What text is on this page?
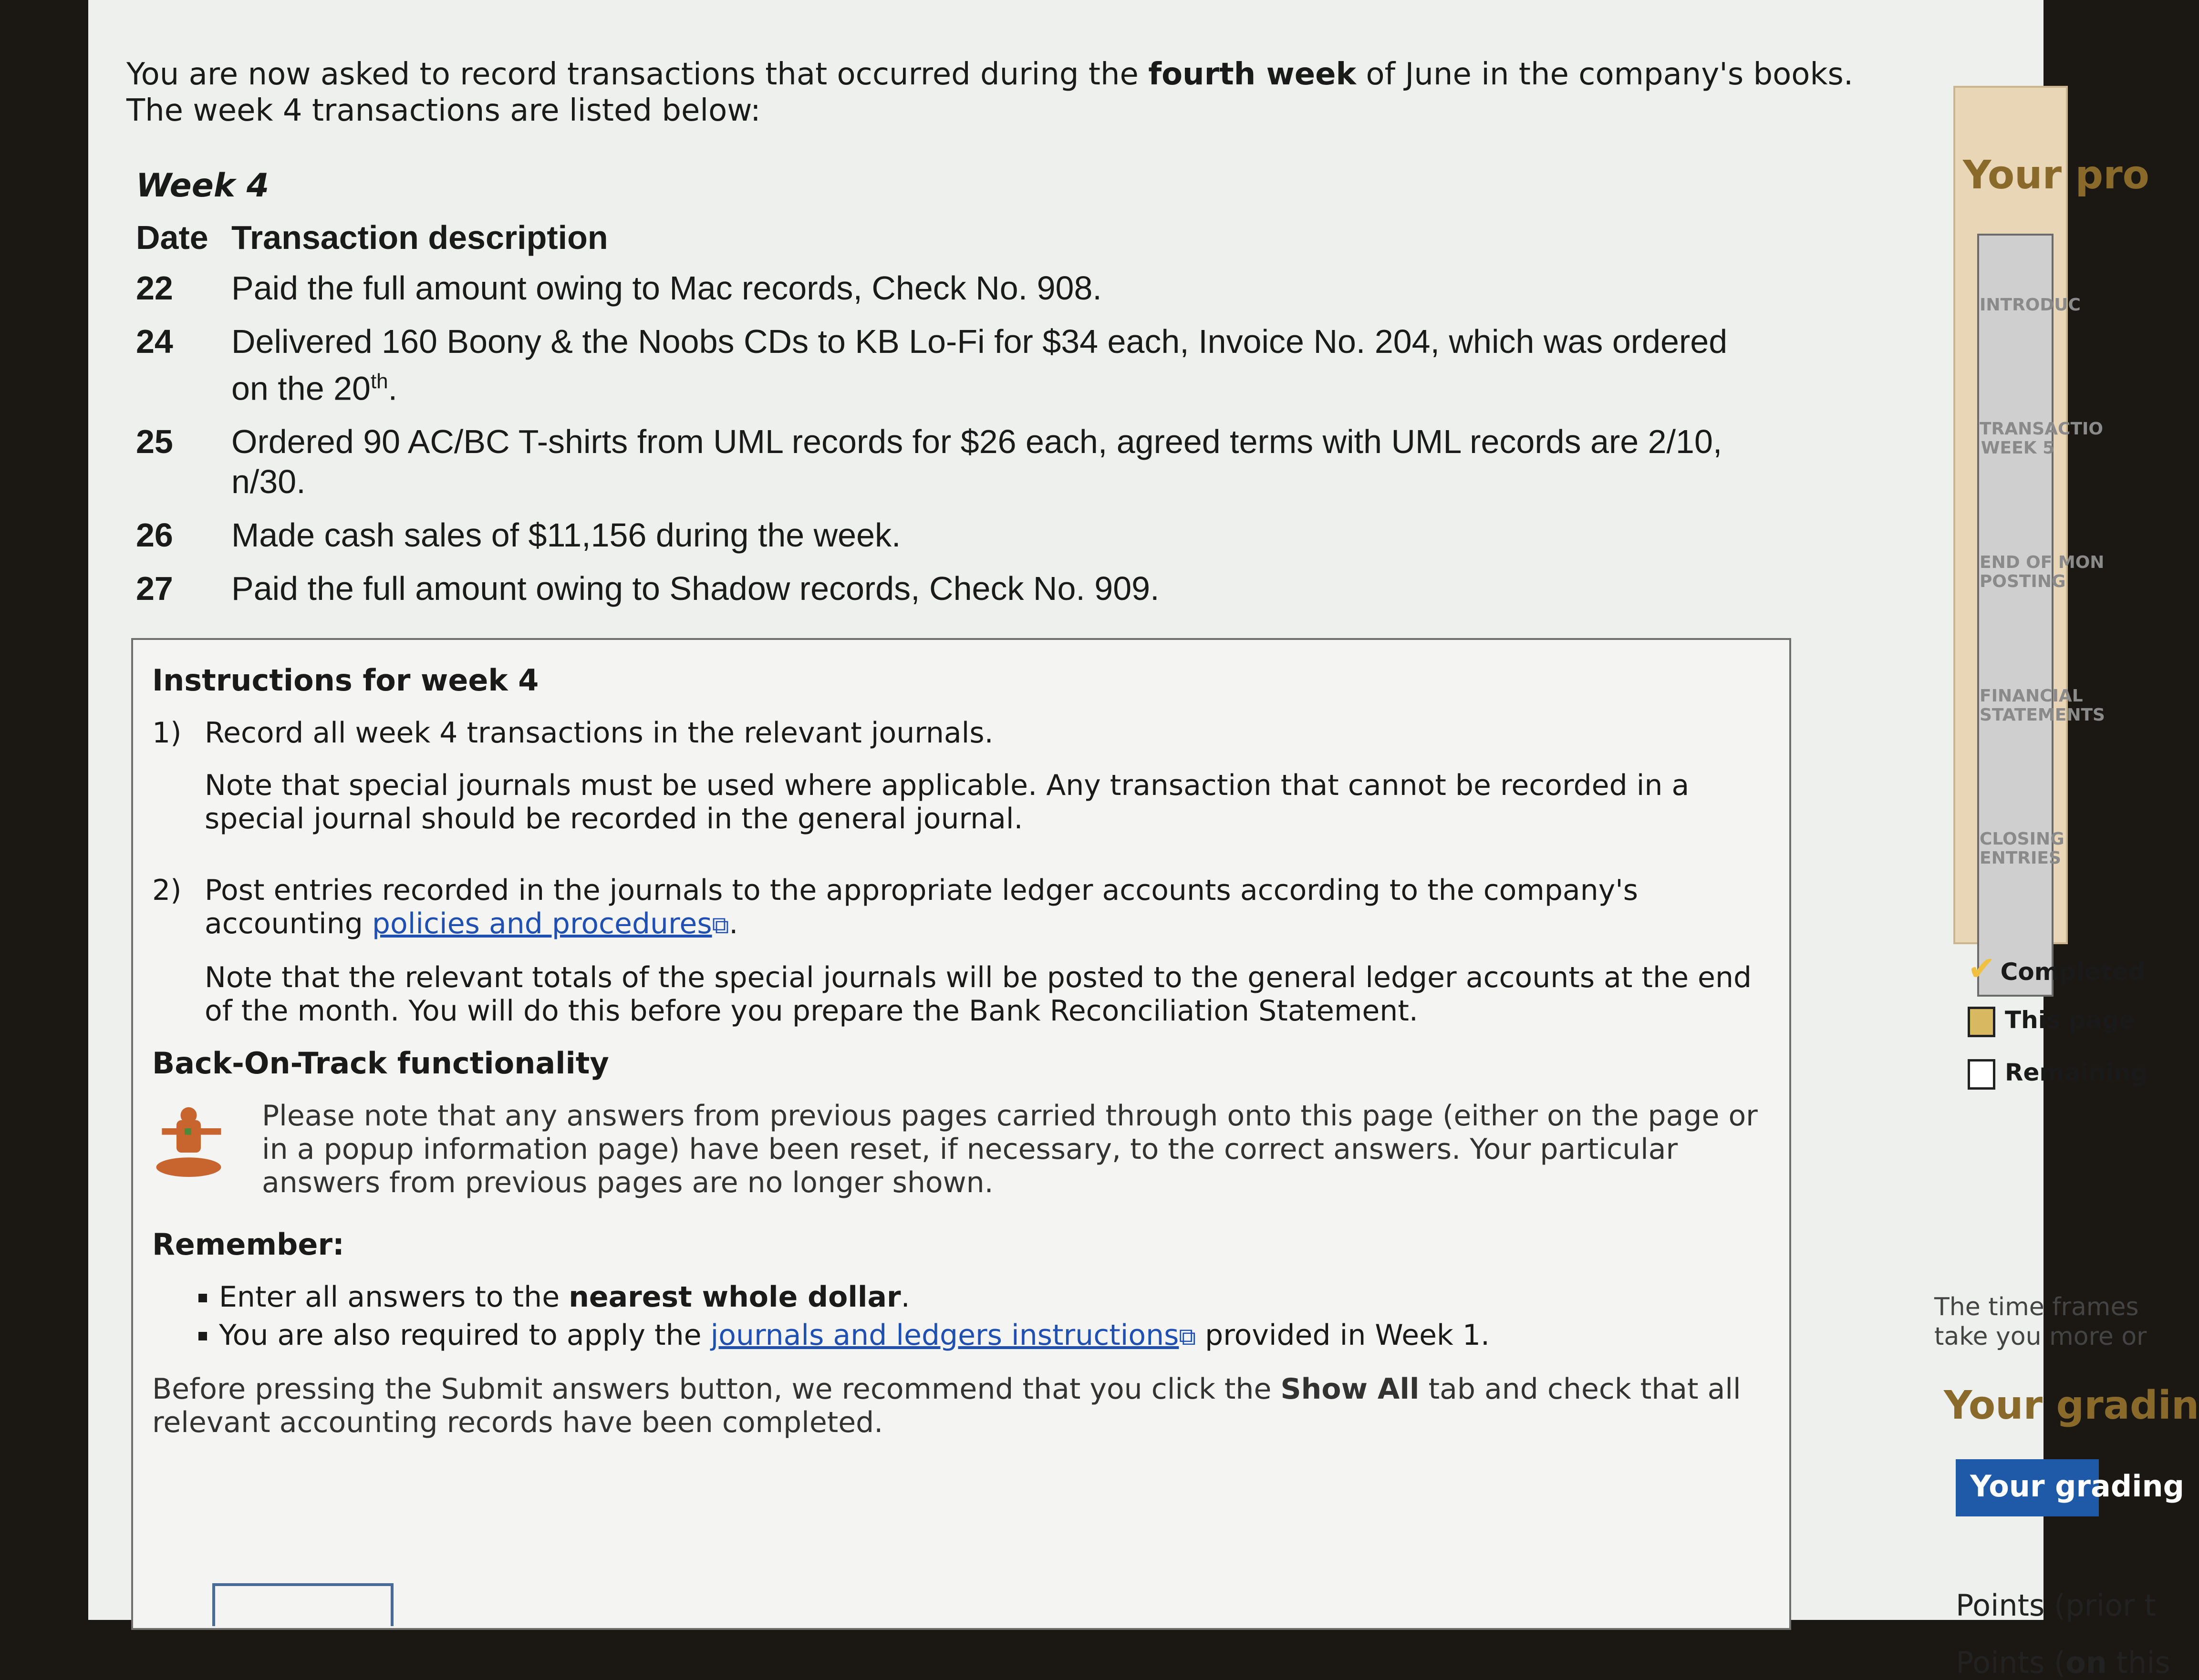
You are now asked to record transactions that occurred during the fourth week of June in the company's books.
The week 4 transactions are listed below:

Week 4
Date	Transaction description
22	Paid the full amount owing to Mac records, Check No. 908.
24	Delivered 160 Boony & the Noobs CDs to KB Lo-Fi for $34 each, Invoice No. 204, which was ordered on the 20th.
25	Ordered 90 AC/BC T-shirts from UML records for $26 each, agreed terms with UML records are 2/10, n/30.
26	Made cash sales of $11,156 during the week.
27	Paid the full amount owing to Shadow records, Check No. 909.
Instructions for week 4
1) Record all week 4 transactions in the relevant journals.

Note that special journals must be used where applicable. Any transaction that cannot be recorded in a special journal should be recorded in the general journal.

2) Post entries recorded in the journals to the appropriate ledger accounts according to the company's accounting policies and procedures⧉.

Note that the relevant totals of the special journals will be posted to the general ledger accounts at the end of the month. You will do this before you prepare the Bank Reconciliation Statement.

Back-On-Track functionality
Please note that any answers from previous pages carried through onto this page (either on the page or in a popup information page) have been reset, if necessary, to the correct answers. Your particular answers from previous pages are no longer shown.
Remember:
▪ Enter all answers to the nearest whole dollar.
▪ You are also required to apply the journals and ledgers instructions⧉ provided in Week 1.
Before pressing the Submit answers button, we recommend that you click the Show All tab and check that all relevant accounting records have been completed.
Your pro
INTRODUC
TRANSACTIO
WEEK 5
END OF MON
POSTING
FINANCIAL
STATEMENTS
CLOSING
ENTRIES
✔ Completed
This page
Remaining
The time frames
take you more or
Your gradin
Your grading
Points (prior t
Points (on this
